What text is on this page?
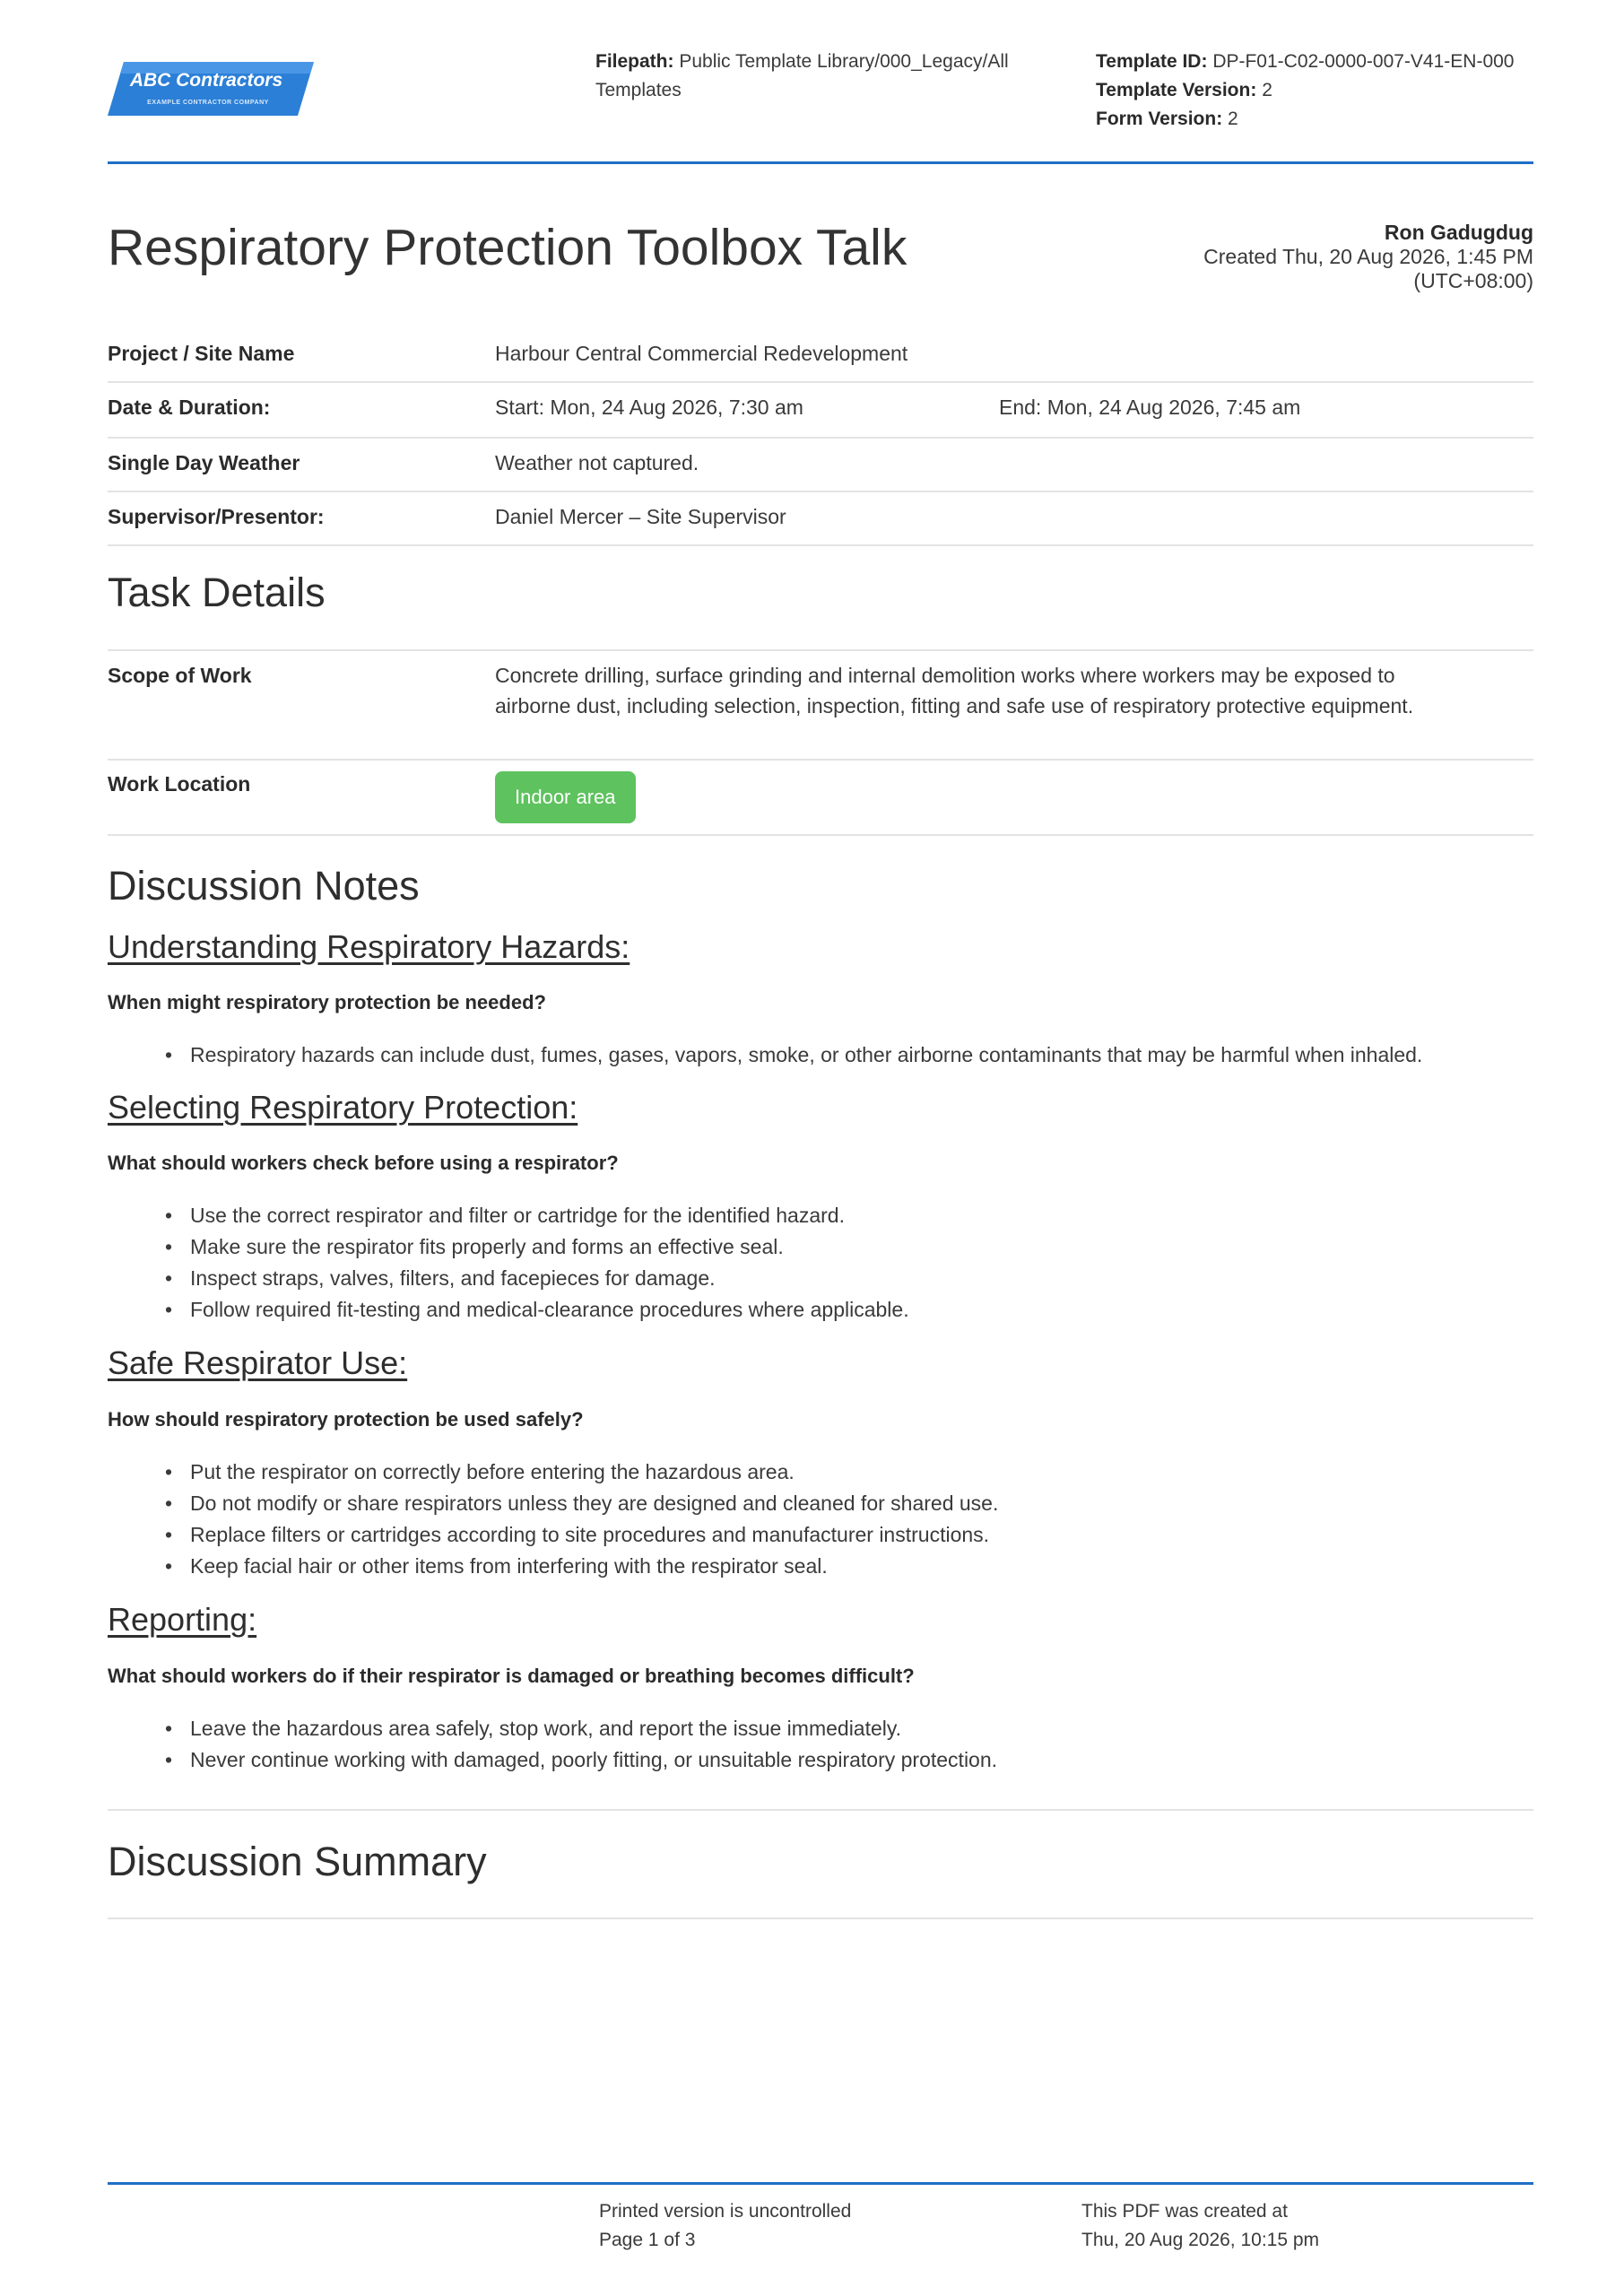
ABC Contractors
EXAMPLE CONTRACTOR COMPANY
Filepath: Public Template Library/000_Legacy/All
Templates
Template ID: DP-F01-C02-0000-007-V41-EN-000
Template Version: 2
Form Version: 2
Respiratory Protection Toolbox Talk	Ron Gadugdug
Created Thu, 20 Aug 2026, 1:45 PM
(UTC+08:00)
Project / Site Name	Harbour Central Commercial Redevelopment
Date & Duration:	Start: Mon, 24 Aug 2026, 7:30 am	End: Mon, 24 Aug 2026, 7:45 am
Single Day Weather	Weather not captured.
Supervisor/Presentor:	Daniel Mercer – Site Supervisor
Task Details
Scope of Work	Concrete drilling, surface grinding and internal demolition works where workers may be exposed to
airborne dust, including selection, inspection, fitting and safe use of respiratory protective equipment.
Work Location
Indoor area
Discussion Notes
Understanding Respiratory Hazards:
When might respiratory protection be needed?
• Respiratory hazards can include dust, fumes, gases, vapors, smoke, or other airborne contaminants that may be harmful when inhaled.
Selecting Respiratory Protection:
What should workers check before using a respirator?
• Use the correct respirator and filter or cartridge for the identified hazard.
• Make sure the respirator fits properly and forms an effective seal.
• Inspect straps, valves, filters, and facepieces for damage.
• Follow required fit-testing and medical-clearance procedures where applicable.
Safe Respirator Use:
How should respiratory protection be used safely?
• Put the respirator on correctly before entering the hazardous area.
• Do not modify or share respirators unless they are designed and cleaned for shared use.
• Replace filters or cartridges according to site procedures and manufacturer instructions.
• Keep facial hair or other items from interfering with the respirator seal.
Reporting:
What should workers do if their respirator is damaged or breathing becomes difficult?
• Leave the hazardous area safely, stop work, and report the issue immediately.
• Never continue working with damaged, poorly fitting, or unsuitable respiratory protection.
Discussion Summary
Printed version is uncontrolled
Page 1 of 3
This PDF was created at
Thu, 20 Aug 2026, 10:15 pm
